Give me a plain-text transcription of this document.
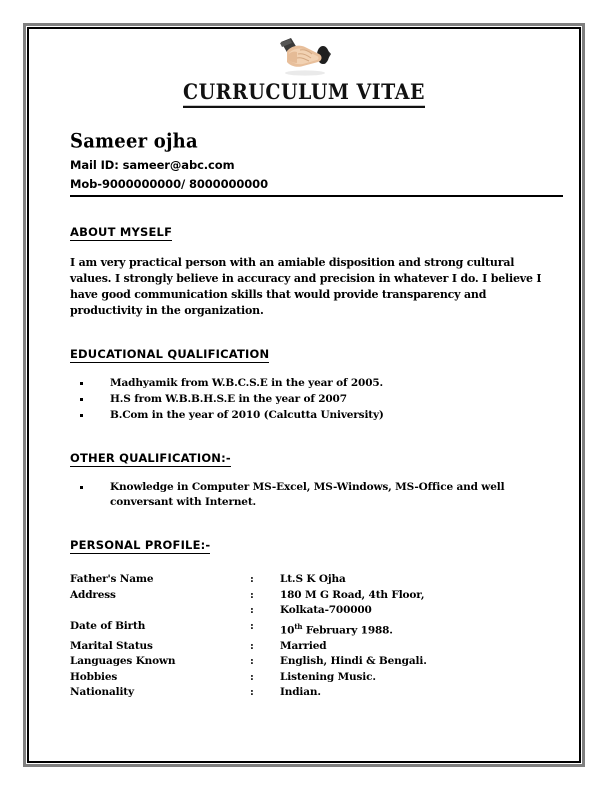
CURRUCULUM VITAE
Sameer ojha
Mail ID: sameer@abc.com
Mob-9000000000/ 8000000000
ABOUT MYSELF
I am very practical person with an amiable disposition and strong cultural values. I strongly believe in accuracy and precision in whatever I do. I believe I have good communication skills that would provide transparency and productivity in the organization.
EDUCATIONAL QUALIFICATION
Madhyamik from W.B.C.S.E in the year of 2005.
H.S from W.B.B.H.S.E in the year of 2007
B.Com in the year of 2010 (Calcutta University)
OTHER QUALIFICATION:-
Knowledge in Computer MS-Excel, MS-Windows, MS-Office and well conversant with Internet.
PERSONAL PROFILE:-
Father's Name	:	Lt.S K Ojha
Address	:	180 M G Road, 4th Floor,
	:	Kolkata-700000
Date of Birth	:	10th February 1988.
Marital Status	:	Married
Languages Known	:	English, Hindi & Bengali.
Hobbies	:	Listening Music.
Nationality	:	Indian.
